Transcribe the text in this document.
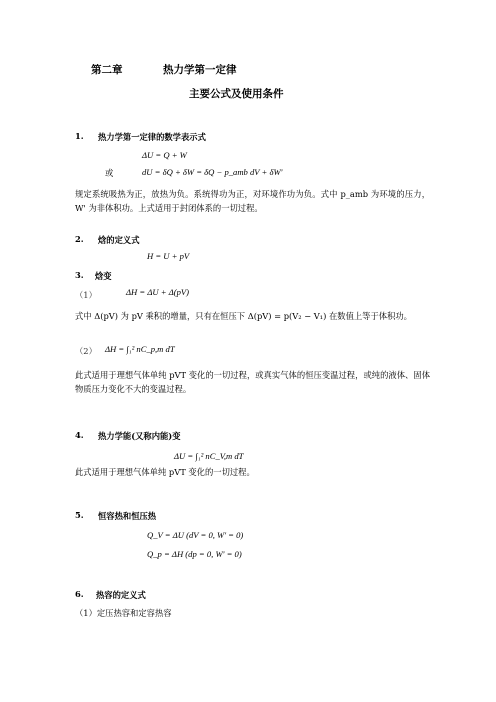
第二章	热力学第一定律
主要公式及使用条件
1. 热力学第一定律的数学表示式
ΔU = Q + W
或	dU = δQ + δW = δQ − p_amb dV + δW'
规定系统吸热为正，放热为负。系统得功为正，对环境作功为负。式中 p_amb 为环境的压力，W' 为非体积功。上式适用于封闭体系的一切过程。
2. 焓的定义式
H = U + pV
3. 焓变
（1）	ΔH = ΔU + Δ(pV)
式中 Δ(pV) 为 pV 乘积的增量，只有在恒压下 Δ(pV) = p(V₂ − V₁) 在数值上等于体积功。
（2） ΔH = ∫₁² nC_p,m dT
此式适用于理想气体单纯 pVT 变化的一切过程，或真实气体的恒压变温过程，或纯的液体、固体物质压力变化不大的变温过程。
4. 热力学能(又称内能)变
ΔU = ∫₁² nC_V,m dT
此式适用于理想气体单纯 pVT 变化的一切过程。
5. 恒容热和恒压热
Q_V = ΔU (dV = 0, W' = 0)
Q_p = ΔH (dp = 0, W' = 0)
6. 热容的定义式
（1）定压热容和定容热容
